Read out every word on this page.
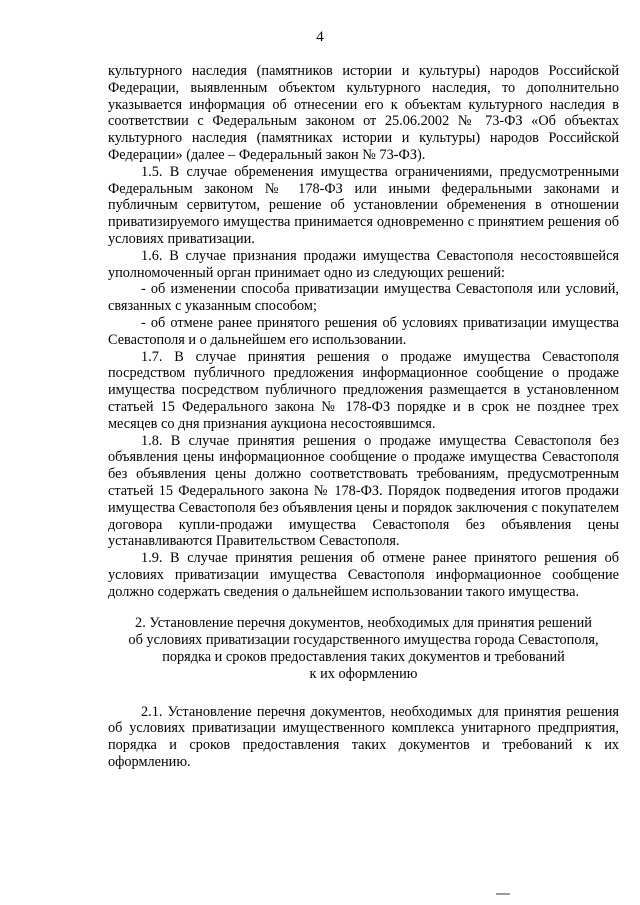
4

культурного наследия (памятников истории и культуры) народов Российской Федерации, выявленным объектом культурного наследия, то дополнительно указывается информация об отнесении его к объектам культурного наследия в соответствии с Федеральным законом от 25.06.2002 № 73-ФЗ «Об объектах культурного наследия (памятниках истории и культуры) народов Российской Федерации» (далее – Федеральный закон № 73-ФЗ).

1.5. В случае обременения имущества ограничениями, предусмотренными Федеральным законом № 178-ФЗ или иными федеральными законами и публичным сервитутом, решение об установлении обременения в отношении приватизируемого имущества принимается одновременно с принятием решения об условиях приватизации.

1.6. В случае признания продажи имущества Севастополя несостоявшейся уполномоченный орган принимает одно из следующих решений:

- об изменении способа приватизации имущества Севастополя или условий, связанных с указанным способом;

- об отмене ранее принятого решения об условиях приватизации имущества Севастополя и о дальнейшем его использовании.

1.7. В случае принятия решения о продаже имущества Севастополя посредством публичного предложения информационное сообщение о продаже имущества посредством публичного предложения размещается в установленном статьей 15 Федерального закона № 178-ФЗ порядке и в срок не позднее трех месяцев со дня признания аукциона несостоявшимся.

1.8. В случае принятия решения о продаже имущества Севастополя без объявления цены информационное сообщение о продаже имущества Севастополя без объявления цены должно соответствовать требованиям, предусмотренным статьей 15 Федерального закона № 178-ФЗ. Порядок подведения итогов продажи имущества Севастополя без объявления цены и порядок заключения с покупателем договора купли-продажи имущества Севастополя без объявления цены устанавливаются Правительством Севастополя.

1.9. В случае принятия решения об отмене ранее принятого решения об условиях приватизации имущества Севастополя информационное сообщение должно содержать сведения о дальнейшем использовании такого имущества.

2. Установление перечня документов, необходимых для принятия решений
об условиях приватизации государственного имущества города Севастополя,
порядка и сроков предоставления таких документов и требований
к их оформлению

2.1. Установление перечня документов, необходимых для принятия решения об условиях приватизации имущественного комплекса унитарного предприятия, порядка и сроков предоставления таких документов и требований к их оформлению.
